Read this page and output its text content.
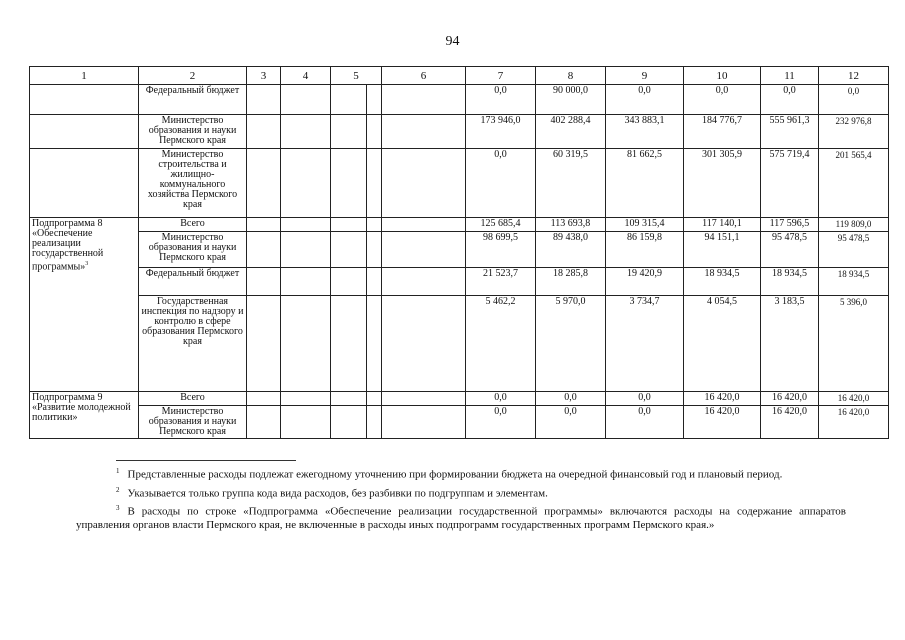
94
1	2	3	4	5		6	7	8	9	10	11	12
	Федеральный бюджет						0,0	90 000,0	0,0	0,0	0,0	0,0
	Министерство образования и науки Пермского края						173 946,0	402 288,4	343 883,1	184 776,7	555 961,3	232 976,8
	Министерство строительства и жилищно-коммунального хозяйства Пермского края						0,0	60 319,5	81 662,5	301 305,9	575 719,4	201 565,4
Подпрограмма 8 «Обеспечение реализации государственной программы»$^3$	Всего						125 685,4	113 693,8	109 315,4	117 140,1	117 596,5	119 809,0
	Министерство образования и науки Пермского края						98 699,5	89 438,0	86 159,8	94 151,1	95 478,5	95 478,5
	Федеральный бюджет						21 523,7	18 285,8	19 420,9	18 934,5	18 934,5	18 934,5
	Государственная инспекция по надзору и контролю в сфере образования Пермского края						5 462,2	5 970,0	3 734,7	4 054,5	3 183,5	5 396,0
Подпрограмма 9 «Развитие молодежной политики»	Всего						0,0	0,0	0,0	16 420,0	16 420,0	16 420,0
	Министерство образования и науки Пермского края						0,0	0,0	0,0	16 420,0	16 420,0	16 420,0

$^1$ Представленные расходы подлежат ежегодному уточнению при формировании бюджета на очередной финансовый год и плановый период.

$^2$ Указывается только группа кода вида расходов, без разбивки по подгруппам и элементам.

$^3$ В расходы по строке «Подпрограмма «Обеспечение реализации государственной программы» включаются расходы на содержание аппаратов управления органов власти Пермского края, не включенные в расходы иных подпрограмм государственных программ Пермского края.»
